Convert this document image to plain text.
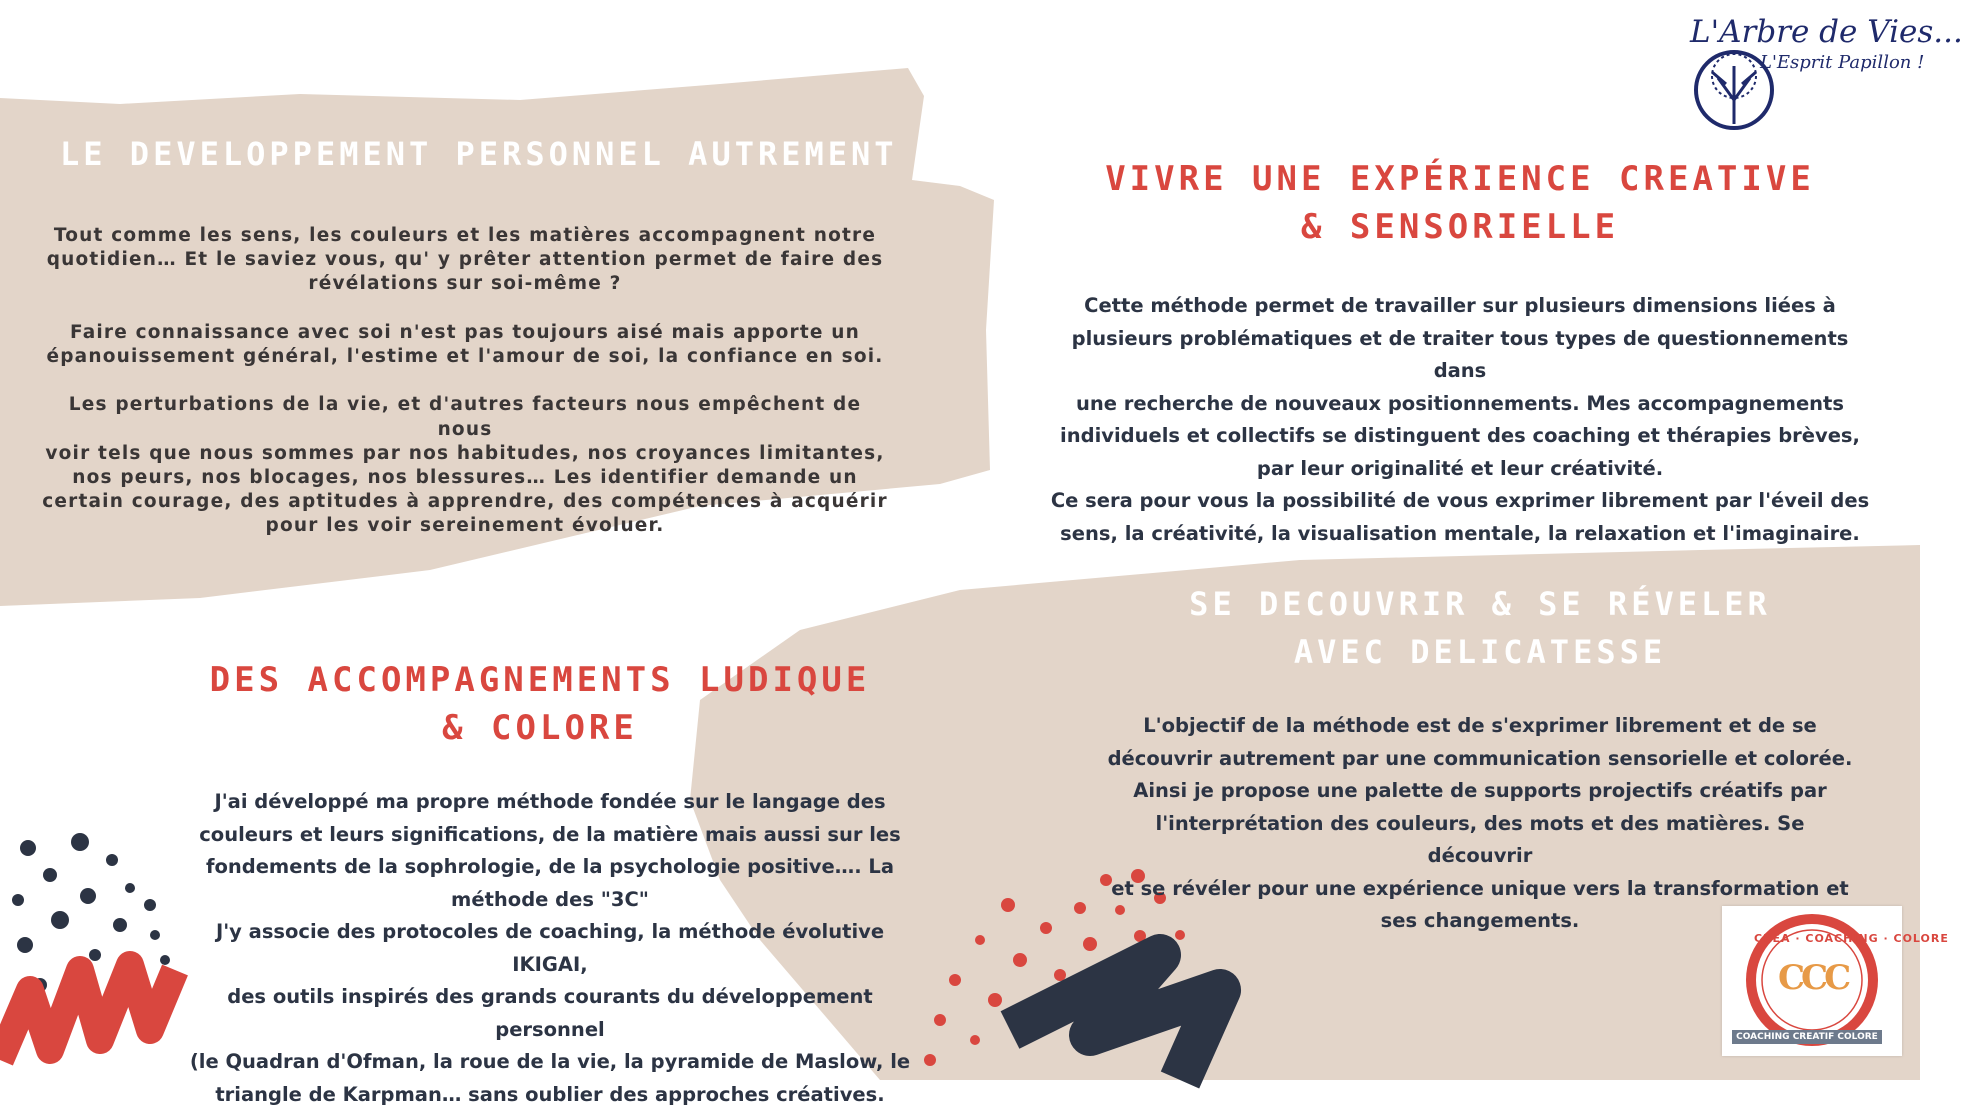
L'Arbre de Vies...
L'Esprit Papillon !
LE DEVELOPPEMENT PERSONNEL AUTREMENT
Tout comme les sens, les couleurs et les matières accompagnent notre
quotidien… Et le saviez vous, qu' y prêter attention permet de faire des
révélations sur soi-même ?

Faire connaissance avec soi n'est pas toujours aisé mais apporte un
épanouissement général, l'estime et l'amour de soi, la confiance en soi.

Les perturbations de la vie, et d'autres facteurs nous empêchent de nous
voir tels que nous sommes par nos habitudes, nos croyances limitantes,
nos peurs, nos blocages, nos blessures… Les identifier demande un
certain courage, des aptitudes à apprendre, des compétences à acquérir
pour les voir sereinement évoluer.
VIVRE UNE EXPÉRIENCE CREATIVE
& SENSORIELLE
Cette méthode permet de travailler sur plusieurs dimensions liées à
plusieurs problématiques et de traiter tous types de questionnements dans
une recherche de nouveaux positionnements. Mes accompagnements
individuels et collectifs se distinguent des coaching et thérapies brèves,
par leur originalité et leur créativité.
Ce sera pour vous la possibilité de vous exprimer librement par l'éveil des
sens, la créativité, la visualisation mentale, la relaxation et l'imaginaire.
DES ACCOMPAGNEMENTS LUDIQUE
& COLORE
J'ai développé ma propre méthode fondée sur le langage des
couleurs et leurs significations, de la matière mais aussi sur les
fondements de la sophrologie, de la psychologie positive…. La
méthode des "3C"
J'y associe des protocoles de coaching, la méthode évolutive IKIGAI,
des outils inspirés des grands courants du développement personnel
(le Quadran d'Ofman, la roue de la vie, la pyramide de Maslow, le
triangle de Karpman… sans oublier des approches créatives.
SE DECOUVRIR & SE RÉVELER
AVEC DELICATESSE
L'objectif de la méthode est de s'exprimer librement et de se
découvrir autrement par une communication sensorielle et colorée.
Ainsi je propose une palette de supports projectifs créatifs par
l'interprétation des couleurs, des mots et des matières. Se découvrir
et se révéler pour une expérience unique vers la transformation et
ses changements.
CREA · COACHING · COLORE
CCC
COACHING CREATIF COLORE
